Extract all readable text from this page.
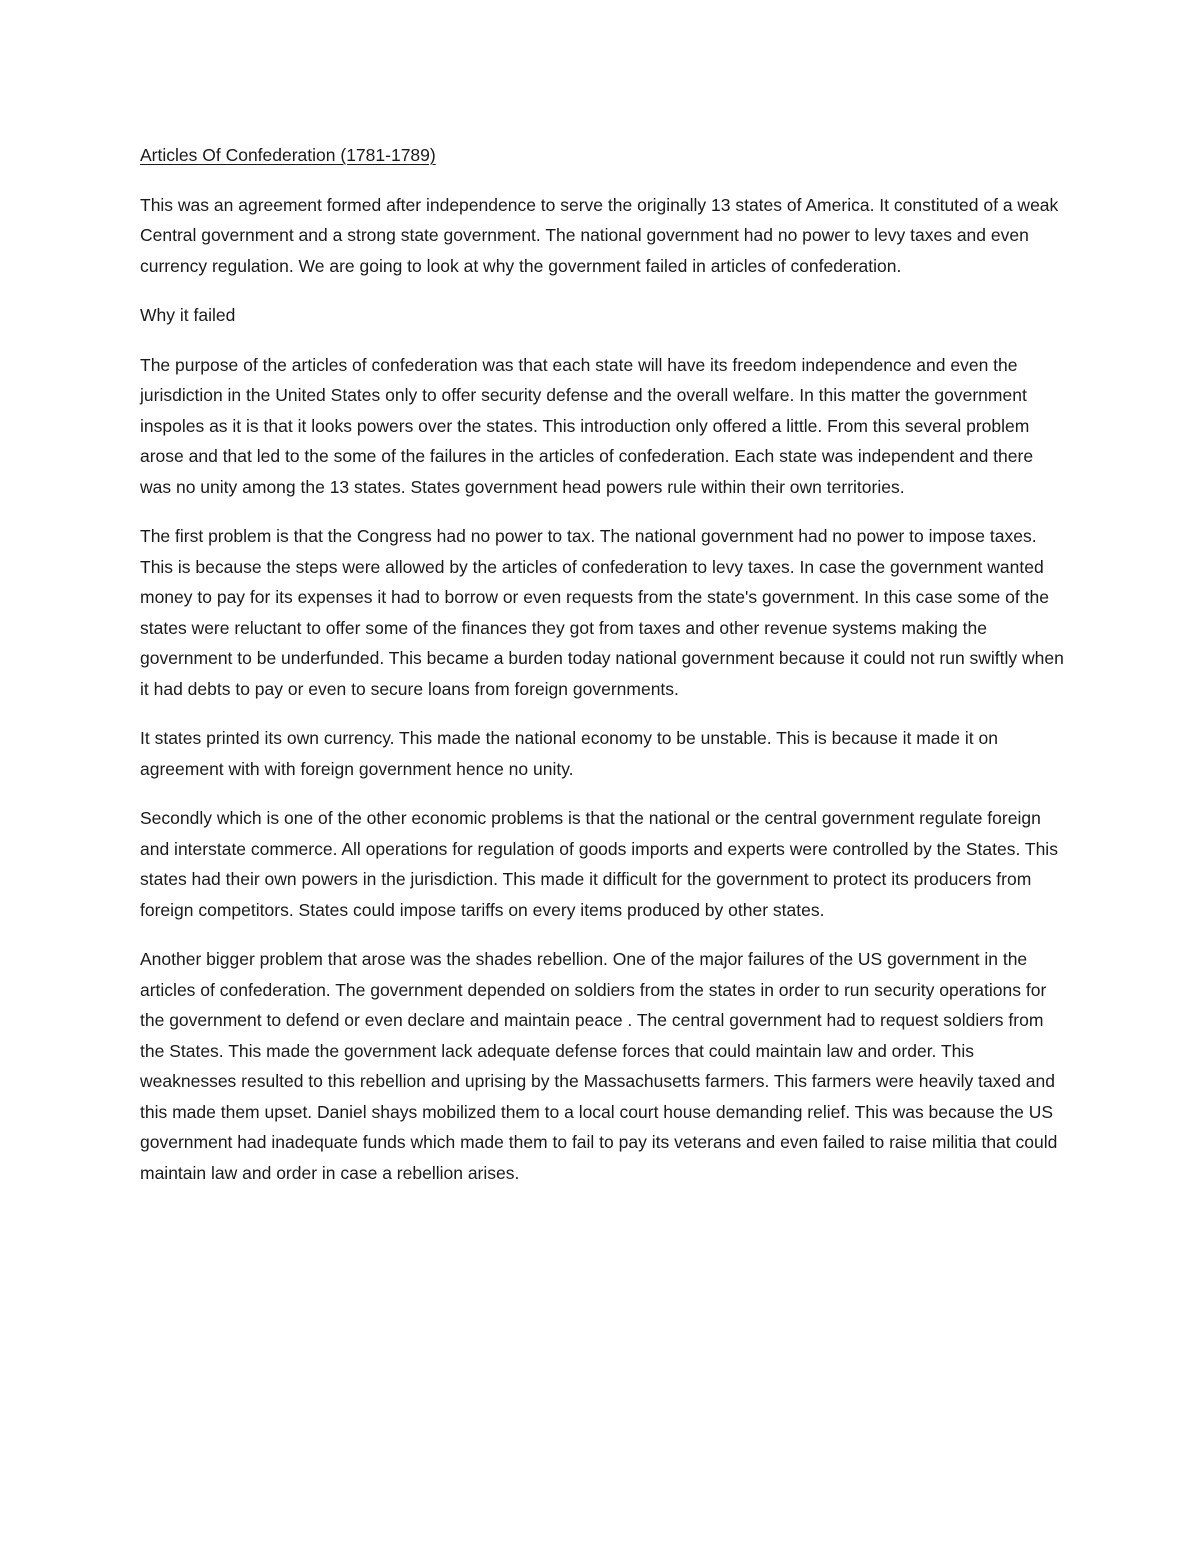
Articles Of Confederation (1781-1789)

This was an agreement formed after independence to serve the originally 13 states of America. It constituted of a weak Central government and a strong state government. The national government had no power to levy taxes and even currency regulation. We are going to look at why the government failed in articles of confederation.

Why it failed

The purpose of the articles of confederation was that each state will have its freedom independence and even the jurisdiction in the United States only to offer security defense and the overall welfare. In this matter the government inspoles as it is that it looks powers over the states. This introduction only offered a little. From this several problem arose and that led to the some of the failures in the articles of confederation. Each state was independent and there was no unity among the 13 states. States government head powers rule within their own territories.

The first problem is that the Congress had no power to tax. The national government had no power to impose taxes. This is because the steps were allowed by the articles of confederation to levy taxes. In case the government wanted money to pay for its expenses it had to borrow or even requests from the state's government. In this case some of the states were reluctant to offer some of the finances they got from taxes and other revenue systems making the government to be underfunded. This became a burden today national government because it could not run swiftly when it had debts to pay or even to secure loans from foreign governments.

It states printed its own currency. This made the national economy to be unstable. This is because it made it on agreement with with foreign government hence no unity.

Secondly which is one of the other economic problems is that the national or the central government regulate foreign and interstate commerce. All operations for regulation of goods imports and experts were controlled by the States. This states had their own powers in the jurisdiction. This made it difficult for the government to protect its producers from foreign competitors. States could impose tariffs on every items produced by other states.

Another bigger problem that arose was the shades rebellion. One of the major failures of the US government in the articles of confederation. The government depended on soldiers from the states in order to run security operations for the government to defend or even declare and maintain peace . The central government had to request soldiers from the States. This made the government lack adequate defense forces that could maintain law and order. This weaknesses resulted to this rebellion and uprising by the Massachusetts farmers. This farmers were heavily taxed and this made them upset. Daniel shays mobilized them to a local court house demanding relief. This was because the US government had inadequate funds which made them to fail to pay its veterans and even failed to raise militia that could maintain law and order in case a rebellion arises.
